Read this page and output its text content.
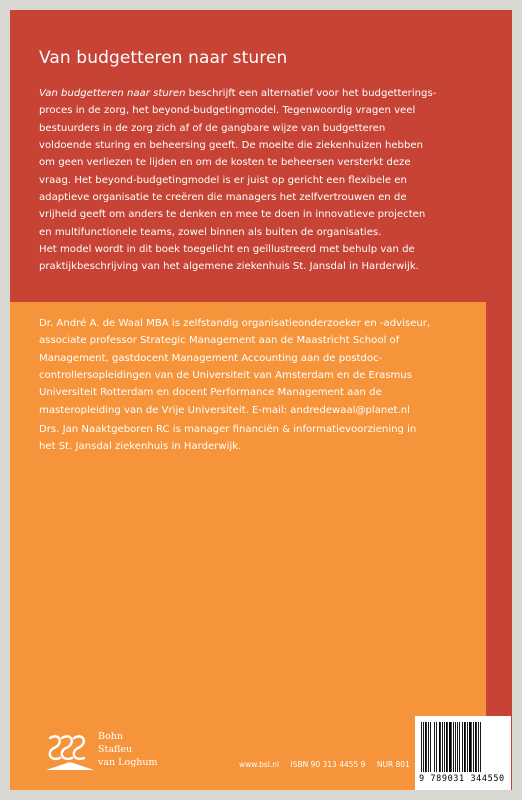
Van budgetteren naar sturen

Van budgetteren naar sturen beschrijft een alternatief voor het budgetterings-
proces in de zorg, het beyond-budgetingmodel. Tegenwoordig vragen veel
bestuurders in de zorg zich af of de gangbare wijze van budgetteren
voldoende sturing en beheersing geeft. De moeite die ziekenhuizen hebben
om geen verliezen te lijden en om de kosten te beheersen versterkt deze
vraag. Het beyond-budgetingmodel is er juist op gericht een flexibele en
adaptieve organisatie te creëren die managers het zelfvertrouwen en de
vrijheid geeft om anders te denken en mee te doen in innovatieve projecten
en multifunctionele teams, zowel binnen als buiten de organisaties.
Het model wordt in dit boek toegelicht en geïllustreerd met behulp van de
praktijkbeschrijving van het algemene ziekenhuis St. Jansdal in Harderwijk.

Dr. André A. de Waal MBA is zelfstandig organisatieonderzoeker en -adviseur,
associate professor Strategic Management aan de Maastricht School of
Management, gastdocent Management Accounting aan de postdoc-
controllersopleidingen van de Universiteit van Amsterdam en de Erasmus
Universiteit Rotterdam en docent Performance Management aan de
masteropleiding van de Vrije Universiteit. E-mail: andredewaal@planet.nl

Drs. Jan Naaktgeboren RC is manager financiën & informatievoorziening in
het St. Jansdal ziekenhuis in Harderwijk.

Bohn
Stafleu
van Loghum	www.bsl.nl ISBN 90 313 4455 9 NUR 801
9 789031 344550
